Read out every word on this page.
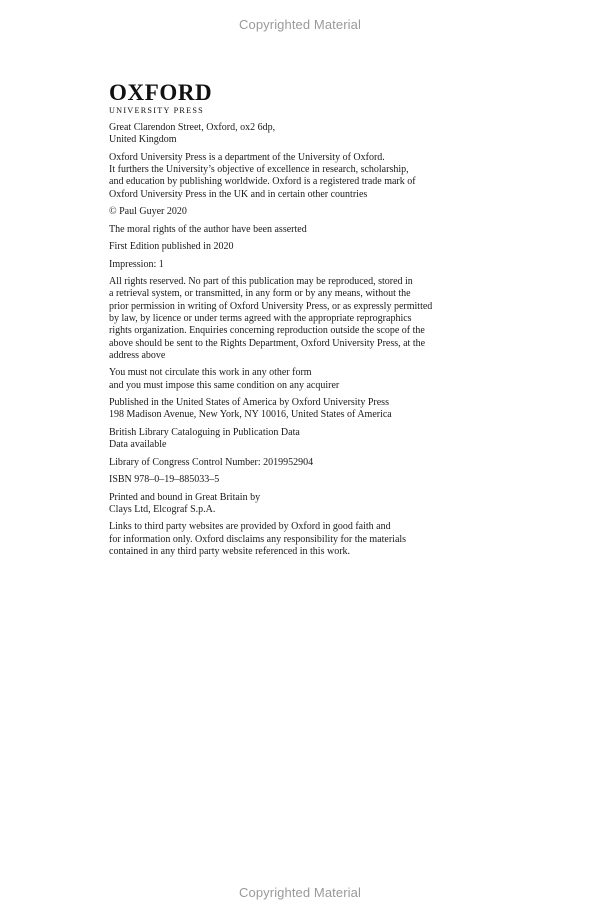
Copyrighted Material
OXFORD
UNIVERSITY PRESS

Great Clarendon Street, Oxford, ox2 6dp,
United Kingdom

Oxford University Press is a department of the University of Oxford.
It furthers the University’s objective of excellence in research, scholarship,
and education by publishing worldwide. Oxford is a registered trade mark of
Oxford University Press in the UK and in certain other countries

© Paul Guyer 2020

The moral rights of the author have been asserted

First Edition published in 2020

Impression: 1

All rights reserved. No part of this publication may be reproduced, stored in
a retrieval system, or transmitted, in any form or by any means, without the
prior permission in writing of Oxford University Press, or as expressly permitted
by law, by licence or under terms agreed with the appropriate reprographics
rights organization. Enquiries concerning reproduction outside the scope of the
above should be sent to the Rights Department, Oxford University Press, at the
address above

You must not circulate this work in any other form
and you must impose this same condition on any acquirer

Published in the United States of America by Oxford University Press
198 Madison Avenue, New York, NY 10016, United States of America

British Library Cataloguing in Publication Data
Data available

Library of Congress Control Number: 2019952904

ISBN 978–0–19–885033–5

Printed and bound in Great Britain by
Clays Ltd, Elcograf S.p.A.

Links to third party websites are provided by Oxford in good faith and
for information only. Oxford disclaims any responsibility for the materials
contained in any third party website referenced in this work.

Copyrighted Material
